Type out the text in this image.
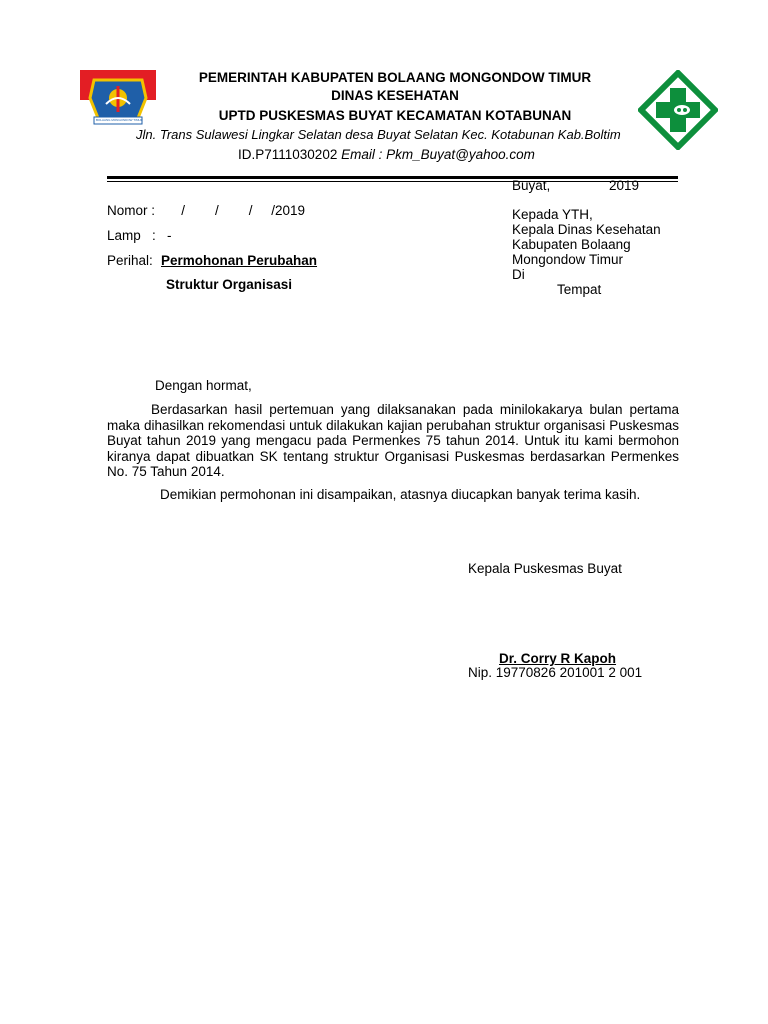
BOLAANG MONGONDOW TIMUR
PEMERINTAH KABUPATEN BOLAANG MONGONDOW TIMUR
DINAS KESEHATAN
UPTD PUSKESMAS BUYAT KECAMATAN KOTABUNAN
Jln. Trans Sulawesi Lingkar Selatan desa Buyat Selatan Kec. Kotabunan Kab.Boltim
ID.P7111030202 Email : Pkm_Buyat@yahoo.com
Buyat,	2019
Nomor :       /        /        /     /2019
Lamp   :   -
Perihal: Permohonan Perubahan
Struktur Organisasi
Kepada YTH,
Kepala Dinas Kesehatan
Kabupaten Bolaang
Mongondow Timur
Di
Tempat
Dengan hormat,
Berdasarkan hasil pertemuan yang dilaksanakan pada minilokakarya bulan pertama maka dihasilkan rekomendasi untuk dilakukan kajian perubahan struktur organisasi Puskesmas Buyat tahun 2019 yang mengacu pada Permenkes 75 tahun 2014. Untuk itu kami bermohon kiranya dapat dibuatkan SK tentang struktur Organisasi Puskesmas berdasarkan Permenkes No. 75 Tahun 2014.
Demikian permohonan ini disampaikan, atasnya diucapkan banyak terima kasih.
Kepala Puskesmas Buyat
Dr. Corry R Kapoh
Nip. 19770826 201001 2 001
